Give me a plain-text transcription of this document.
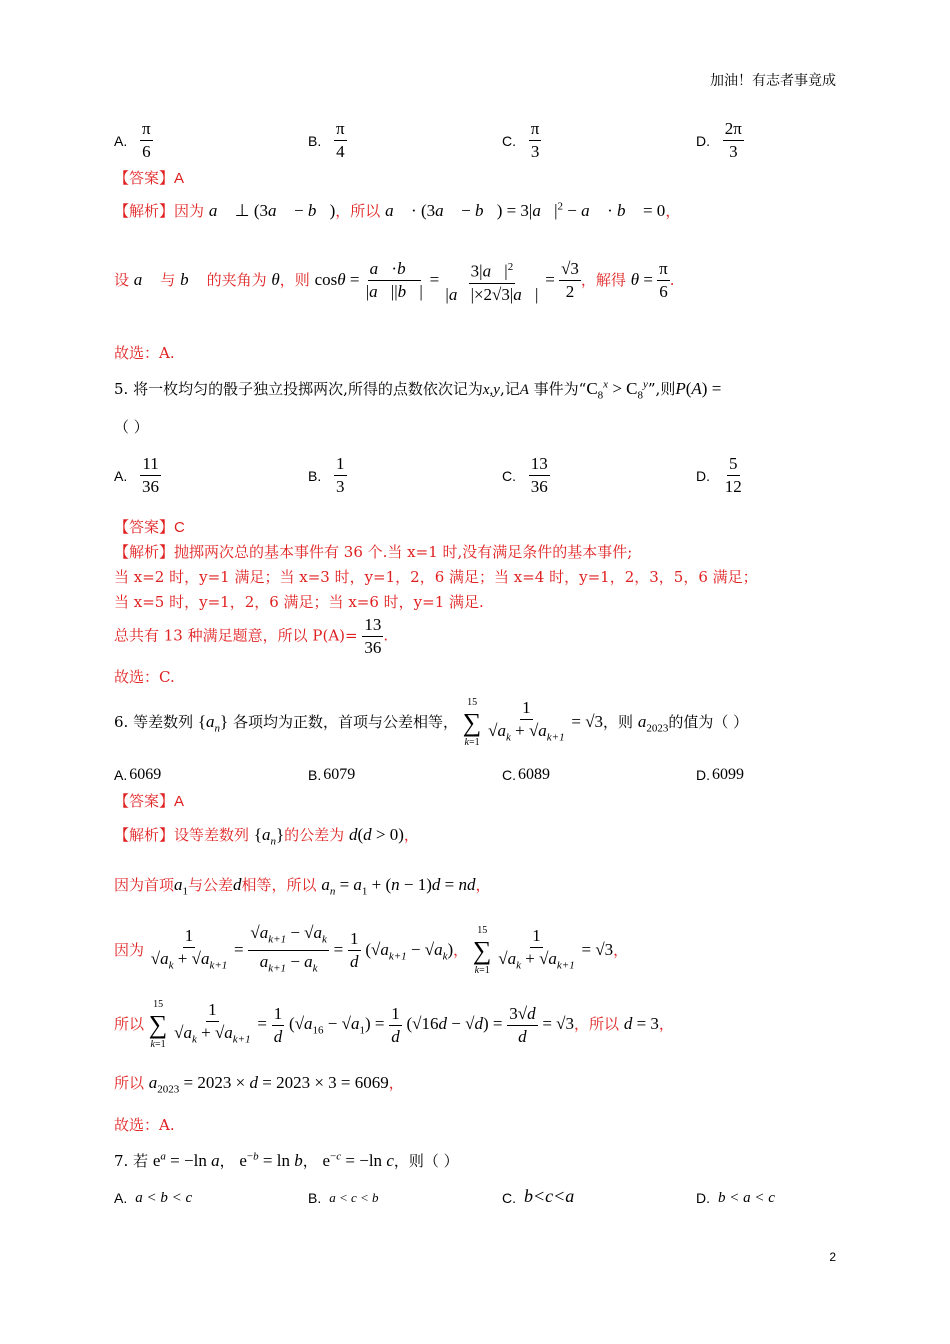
加油！有志者事竟成
A. $\frac{\pi}{6}$	B. $\frac{\pi}{4}$	C. $\frac{\pi}{3}$	D. $\frac{2\pi}{3}$
【答案】A
【解析】因为 a⃗ ⊥ (3a⃗ − b⃗)，所以 a⃗ · (3a⃗ − b⃗) = $3|a⃗|^2$ − a⃗ · b⃗ = 0，
设 a⃗ 与 b⃗ 的夹角为 θ，则 $\cos\theta = \frac{a⃗\cdot b⃗}{|a⃗||b⃗|} = \frac{3|a⃗|^2}{|a⃗|\times 2√3|a⃗|} = \frac{√3}{2}$ ，解得 $\theta = \frac{\pi}{6}$ .
故选：A.
5. 将一枚均匀的骰子独立投掷两次,所得的点数依次记为x,y,记A 事件为“$C_8^x > C_8^y$”,则P(A) =
（ ）
A. $\frac{11}{36}$	B. $\frac{1}{3}$	C. $\frac{13}{36}$	D. $\frac{5}{12}$
【答案】C
【解析】抛掷两次总的基本事件有 36 个.当 x=1 时,没有满足条件的基本事件;
当 x=2 时，y=1 满足；当 x=3 时，y=1，2，6 满足；当 x=4 时，y=1，2，3，5，6 满足；
当 x=5 时，y=1，2，6 满足；当 x=6 时，y=1 满足.
总共有 13 种满足题意，所以 $P(A)= \frac{13}{36}$ .
故选：C.
6. 等差数列 $\{a_n\}$ 各项均为正数，首项与公差相等，
15
∑
k=1
$\frac{1}{√a_k + √a_{k+1}} = √3$，则 $a_{2023}$的值为（ ）
A. 6069	B. 6079	C. 6089	D. 6099
【答案】A
【解析】设等差数列 $\{a_n\}$的公差为 d(d > 0)，
因为首项$a_1$与公差d相等，所以 $a_n = a_1 + (n - 1)d$ = nd，
因为 $\frac{1}{√a_k + √a_{k+1}} = \frac{√a_{k+1} - √a_k}{a_{k+1} - a_k} = \frac{1}{d} (√a_{k+1} - √a_k)$，
15
∑
k=1
$\frac{1}{√a_k + √a_{k+1}} = √3$，
所以
15
∑
k=1
$\frac{1}{√a_k + √a_{k+1}} = \frac{1}{d} (√a_{16} - √a_1) = \frac{1}{d} (√16d - √d) = \frac{3√d}{d} = √3$，所以 d = 3，
所以 $a_{2023} = 2023 \times d = 2023 \times 3 = 6069$，
故选：A.
7. 若 $e^a = -\ln$ a， $e^{-b} = \ln b$， $e^{-c} = -\ln$ c，则（ ）
A. a < b < c	B. a < c < b	C. b<c<a	D. b < a < c
2
